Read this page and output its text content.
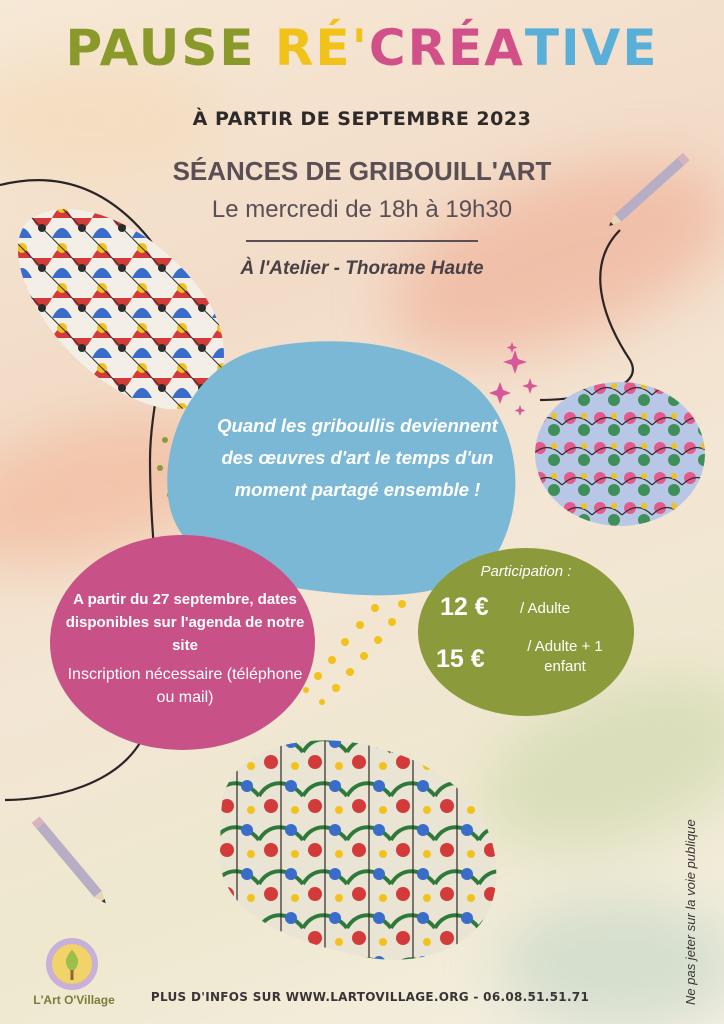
PAUSE RÉ'CRÉATIVE
À PARTIR DE SEPTEMBRE 2023
SÉANCES DE GRIBOUILL'ART
Le mercredi de 18h à 19h30
À l'Atelier - Thorame Haute
Quand les griboullis deviennent des œuvres d'art le temps d'un moment partagé ensemble !
A partir du 27 septembre, dates disponibles sur l'agenda de notre site
Inscription nécessaire (téléphone ou mail)
Participation :
12 € / Adulte
15 €	/ Adulte + 1 enfant
L'Art O'Village	PLUS D'INFOS SUR WWW.LARTOVILLAGE.ORG - 06.08.51.51.71	Ne pas jeter sur la voie publique
